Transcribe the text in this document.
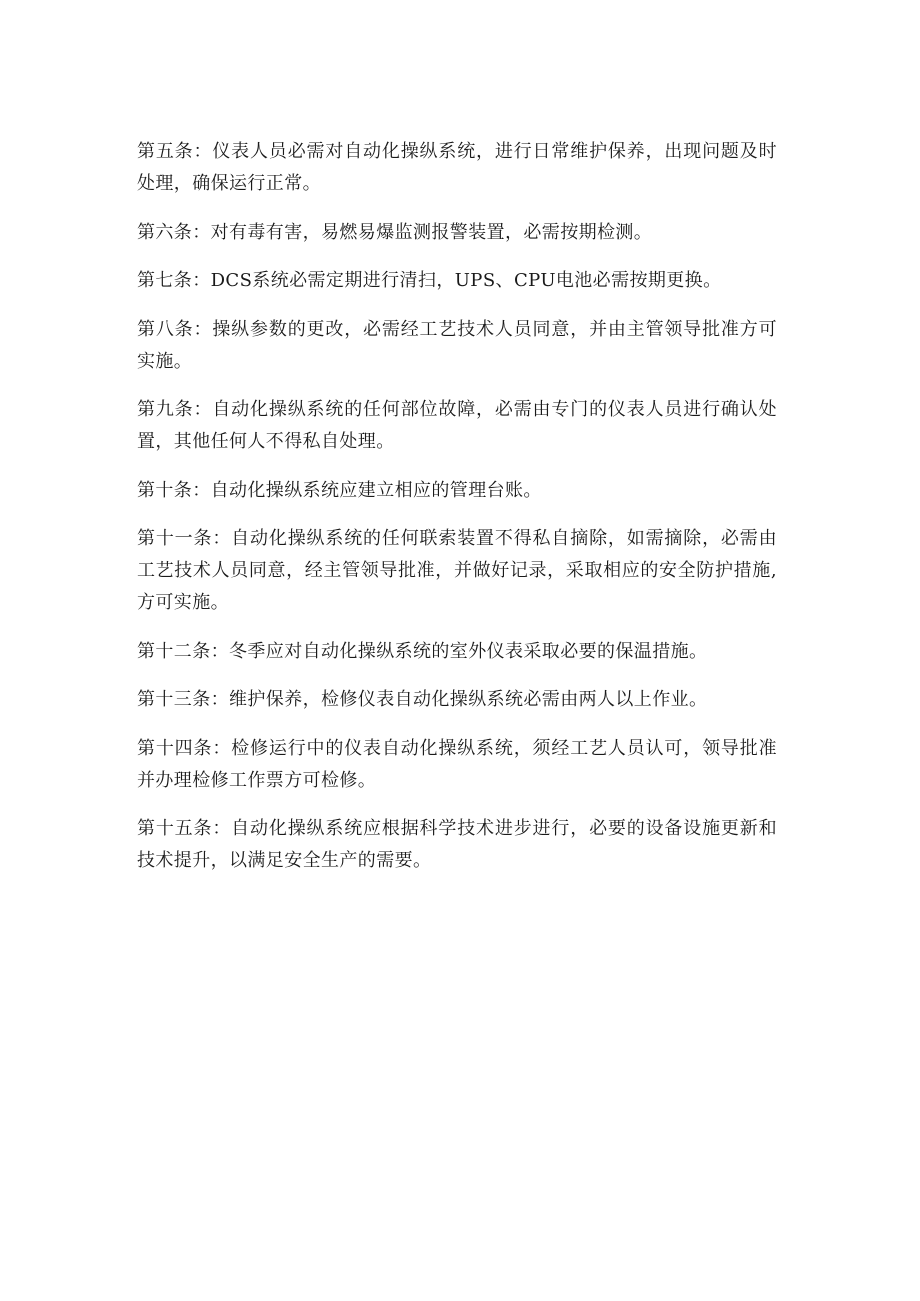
第五条：仪表人员必需对自动化操纵系统，进行日常维护保养，出现问题及时处理，确保运行正常。

第六条：对有毒有害，易燃易爆监测报警装置，必需按期检测。

第七条：DCS系统必需定期进行清扫，UPS、CPU电池必需按期更换。

第八条：操纵参数的更改，必需经工艺技术人员同意，并由主管领导批准方可实施。

第九条：自动化操纵系统的任何部位故障，必需由专门的仪表人员进行确认处置，其他任何人不得私自处理。

第十条：自动化操纵系统应建立相应的管理台账。

第十一条：自动化操纵系统的任何联索装置不得私自摘除，如需摘除，必需由工艺技术人员同意，经主管领导批准，并做好记录，采取相应的安全防护措施,方可实施。

第十二条：冬季应对自动化操纵系统的室外仪表采取必要的保温措施。

第十三条：维护保养，检修仪表自动化操纵系统必需由两人以上作业。

第十四条：检修运行中的仪表自动化操纵系统，须经工艺人员认可，领导批准并办理检修工作票方可检修。

第十五条：自动化操纵系统应根据科学技术进步进行，必要的设备设施更新和技术提升，以满足安全生产的需要。
